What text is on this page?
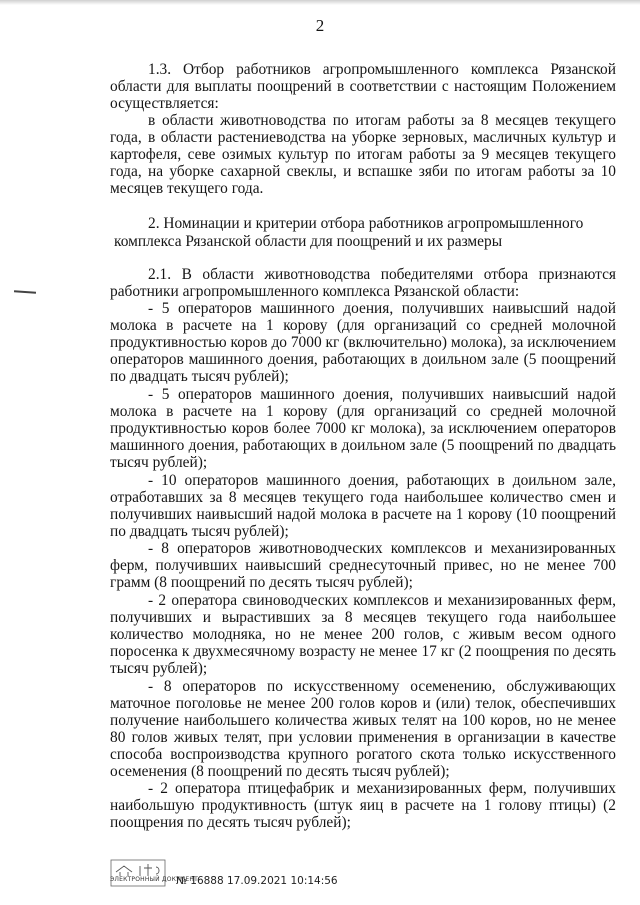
2

1.3. Отбор работников агропромышленного комплекса Рязанской области для выплаты поощрений в соответствии с настоящим Положением осуществляется:

в области животноводства по итогам работы за 8 месяцев текущего года, в области растениеводства на уборке зерновых, масличных культур и картофеля, севе озимых культур по итогам работы за 9 месяцев текущего года, на уборке сахарной свеклы, и вспашке зяби по итогам работы за 10 месяцев текущего года.

2. Номинации и критерии отбора работников агропромышленного
комплекса Рязанской области для поощрений и их размеры

2.1. В области животноводства победителями отбора признаются работники агропромышленного комплекса Рязанской области:

- 5 операторов машинного доения, получивших наивысший надой молока в расчете на 1 корову (для организаций со средней молочной продуктивностью коров до 7000 кг (включительно) молока), за исключением операторов машинного доения, работающих в доильном зале (5 поощрений по двадцать тысяч рублей);

- 5 операторов машинного доения, получивших наивысший надой молока в расчете на 1 корову (для организаций со средней молочной продуктивностью коров более 7000 кг молока), за исключением операторов машинного доения, работающих в доильном зале (5 поощрений по двадцать тысяч рублей);

- 10 операторов машинного доения, работающих в доильном зале, отработавших за 8 месяцев текущего года наибольшее количество смен и получивших наивысший надой молока в расчете на 1 корову (10 поощрений по двадцать тысяч рублей);

- 8 операторов животноводческих комплексов и механизированных ферм, получивших наивысший среднесуточный привес, но не менее 700 грамм (8 поощрений по десять тысяч рублей);

- 2 оператора свиноводческих комплексов и механизированных ферм, получивших и вырастивших за 8 месяцев текущего года наибольшее количество молодняка, но не менее 200 голов, с живым весом одного поросенка к двухмесячному возрасту не менее 17 кг (2 поощрения по десять тысяч рублей);

- 8 операторов по искусственному осеменению, обслуживающих маточное поголовье не менее 200 голов коров и (или) телок, обеспечивших получение наибольшего количества живых телят на 100 коров, но не менее 80 голов живых телят, при условии применения в организации в качестве способа воспроизводства крупного рогатого скота только искусственного осеменения (8 поощрений по десять тысяч рублей);

- 2 оператора птицефабрик и механизированных ферм, получивших наибольшую продуктивность (штук яиц в расчете на 1 голову птицы) (2 поощрения по десять тысяч рублей);

ЭЛЕКТРОННЫЙ ДОКУМЕНТ
№ 16888 17.09.2021 10:14:56
